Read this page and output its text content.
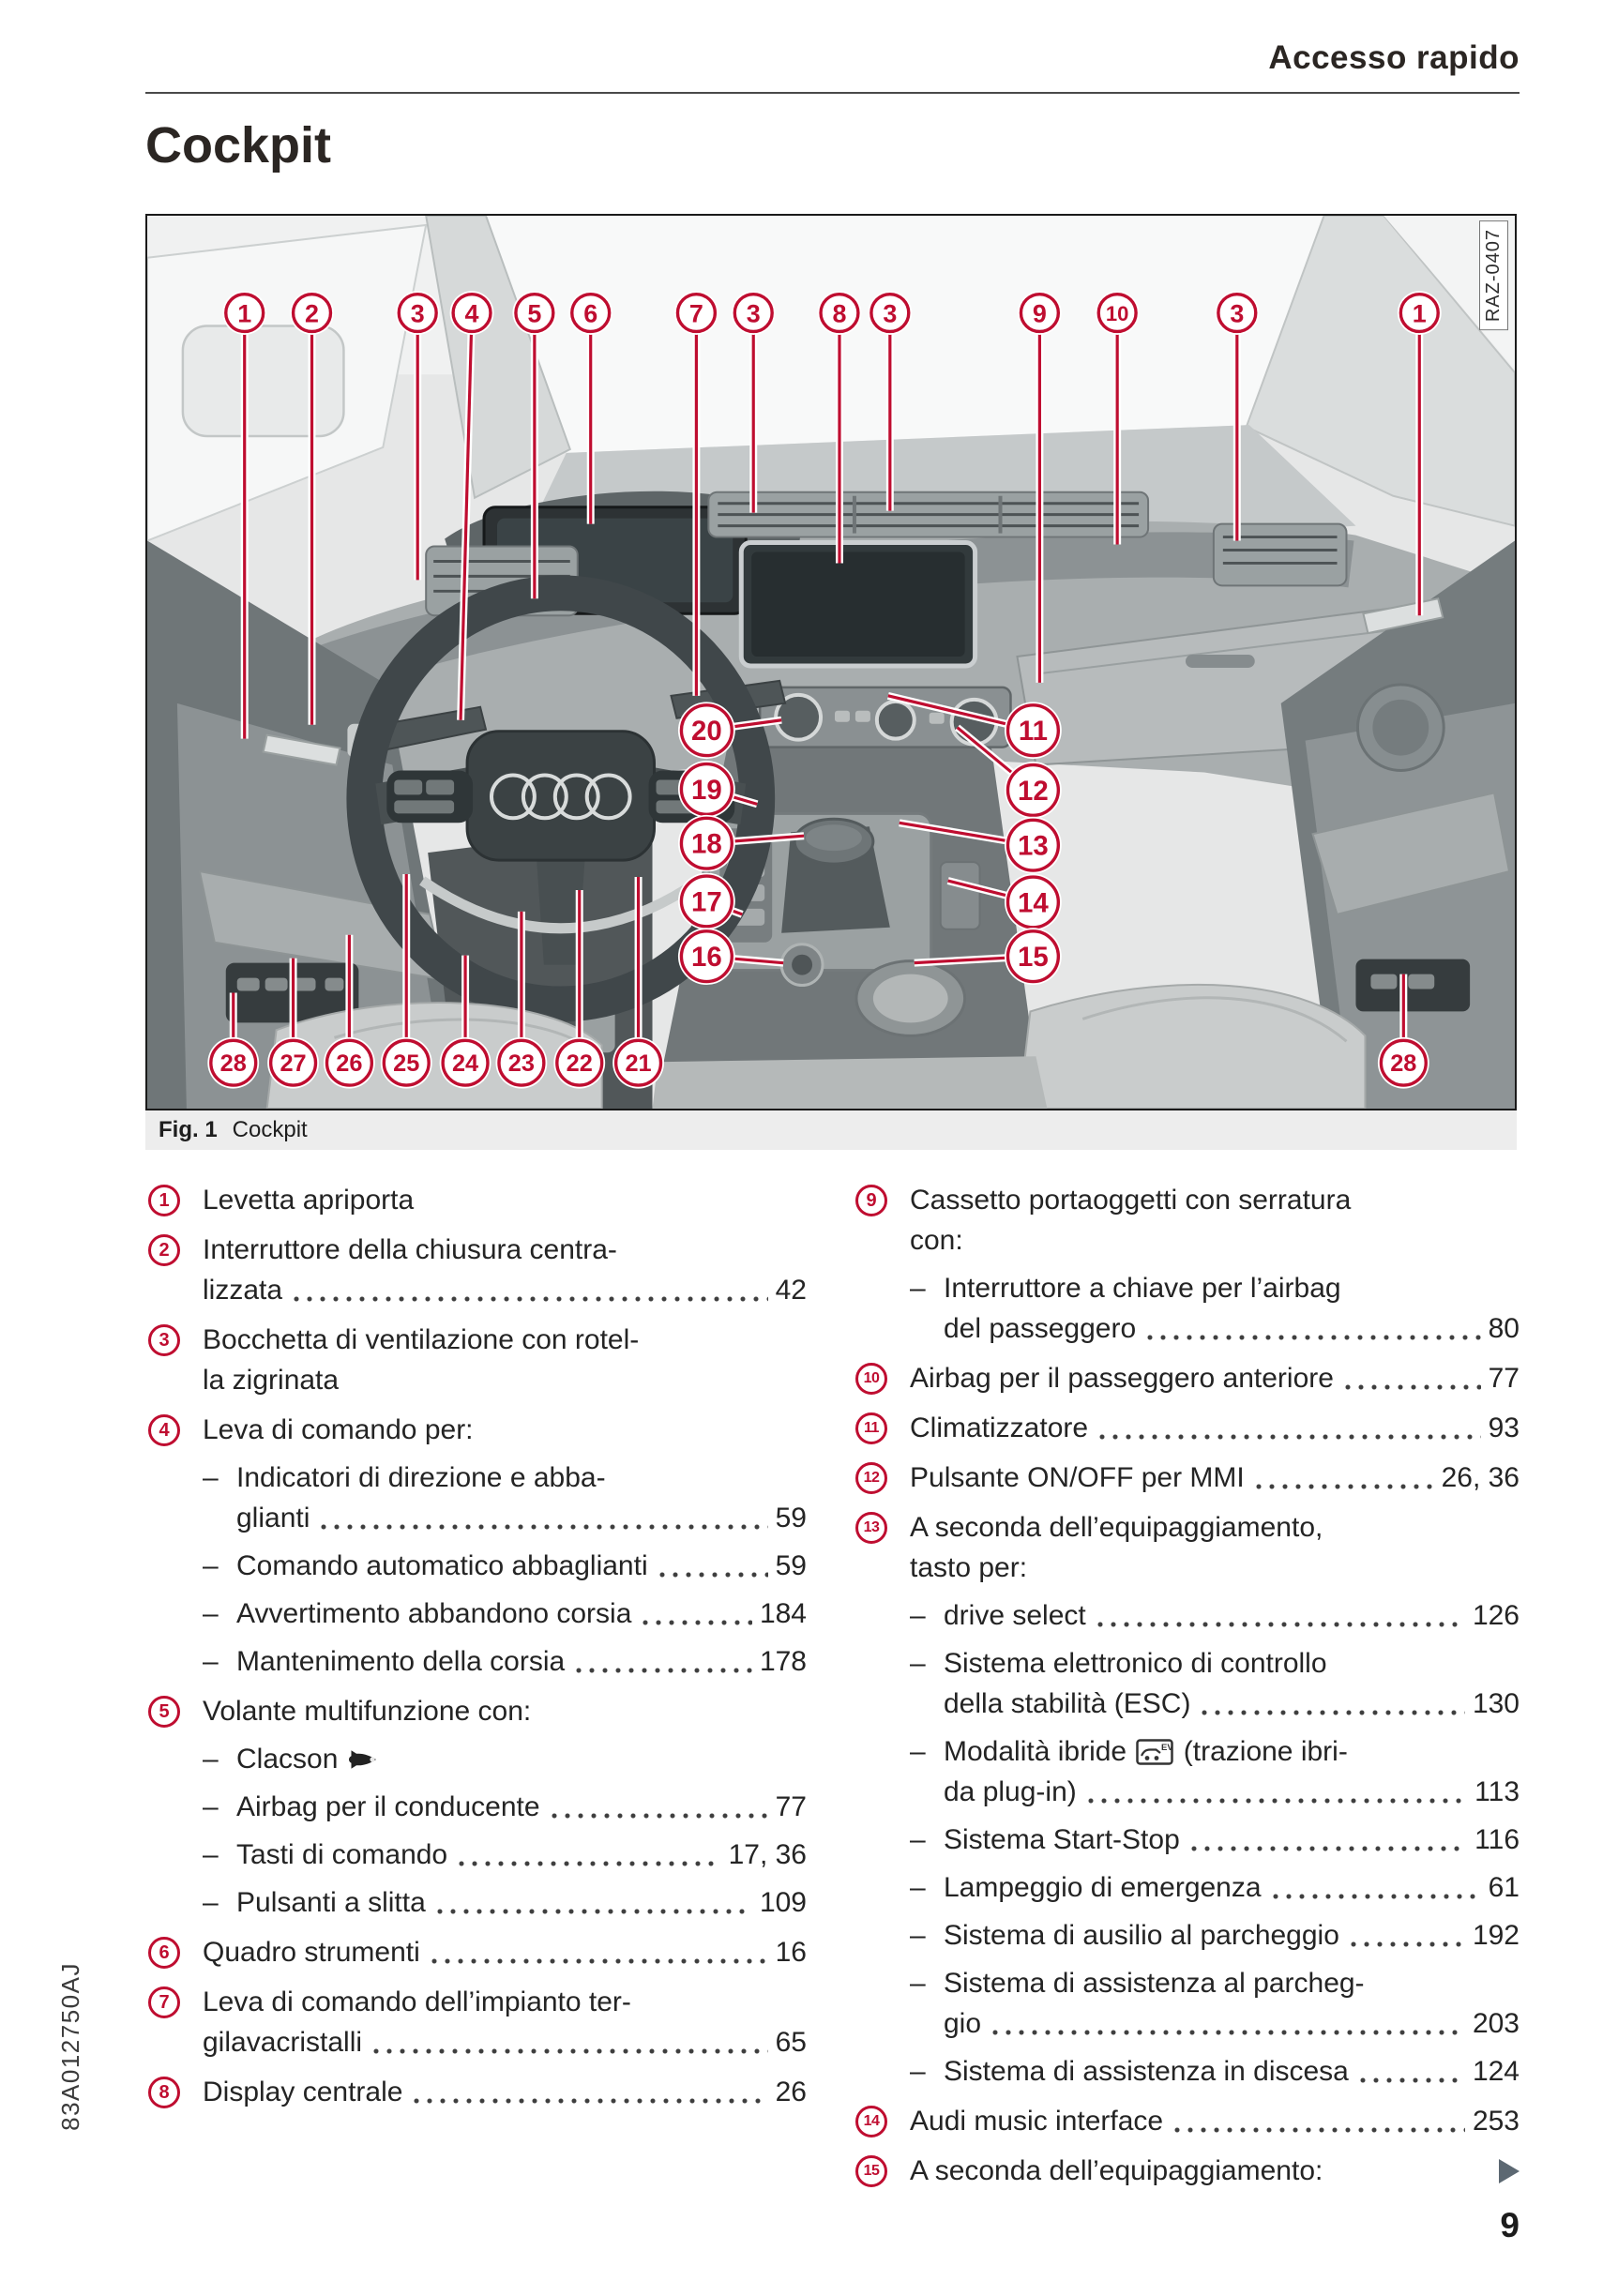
Accesso rapido
Cockpit
1 2	3 4 5 6	7 3	8 3	9	10	3	1
20
19
18
17
16
11
12
13
14
15
28 27 26 25 24 23 22 21	28
RAZ-0407
Fig. 1 Cockpit
1	Levetta apriporta
2	Interruttore della chiusura centra-
lizzata	42
3	Bocchetta di ventilazione con rotel-
la zigrinata
4	Leva di comando per:
– Indicatori di direzione e abba-
glianti	59
– Comando automatico abbaglianti	59
– Avvertimento abbandono corsia	184
– Mantenimento della corsia	178
5	Volante multifunzione con:
– Clacson
– Airbag per il conducente	77
– Tasti di comando	17, 36
– Pulsanti a slitta	109
6	Quadro strumenti	16
7	Leva di comando dell’impianto ter-
gilavacristalli	65
8	Display centrale	26
9	Cassetto portaoggetti con serratura
con:
– Interruttore a chiave per l’airbag
del passeggero	80
10 Airbag per il passeggero anteriore	77
11	Climatizzatore	93
12 Pulsante ON/OFF per MMI	26, 36
13 A seconda dell’equipaggiamento,
tasto per:
– drive select	126
– Sistema elettronico di controllo
della stabilità (ESC)	130
– Modalità ibride	EV (trazione ibri-
da plug-in)	113
– Sistema Start-Stop	116
– Lampeggio di emergenza	61
– Sistema di ausilio al parcheggio	192
– Sistema di assistenza al parcheg-
gio	203
– Sistema di assistenza in discesa	124
14 Audi music interface	253
15 A seconda dell’equipaggiamento:
83A012750AJ
9
